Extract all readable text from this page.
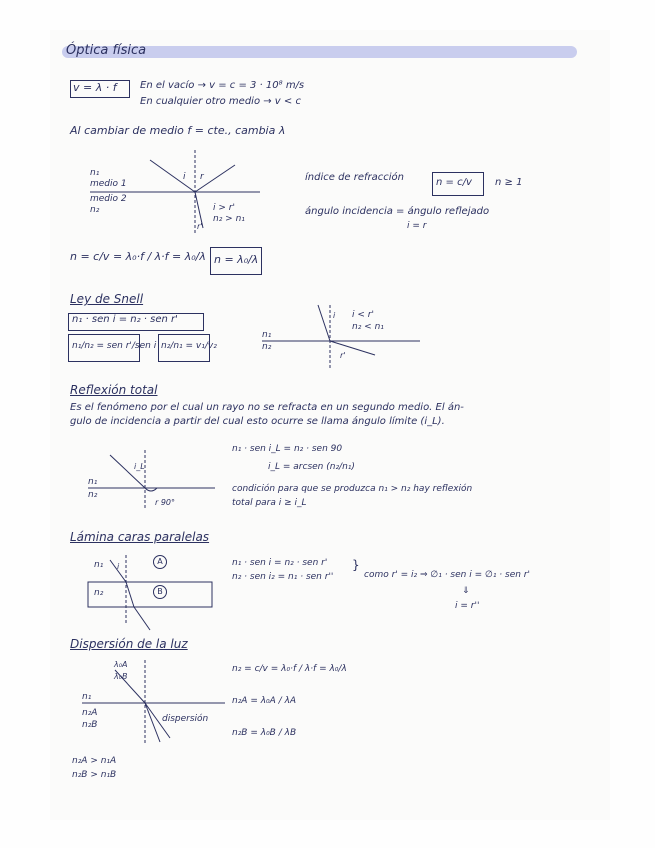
Óptica física
v = λ · f En el vacío → v = c = 3 · 10⁸ m/s
En cualquier otro medio → v < c
Al cambiar de medio f = cte., cambia λ
n₁
medio 1
medio 2
n₂
i r
r'
i > r'
n₂ > n₁
índice de refracción	n = c/v n ≥ 1
ángulo incidencia = ángulo reflejado
i = r
n = c/v = λ₀·f / λ·f = λ₀/λ n = λ₀/λ
Ley de Snell
n₁ · sen i = n₂ · sen r'
n₁/n₂ = sen r'/sen i n₂/n₁ = v₁/v₂
i < r'
n₂ < n₁
n₁
n₂
i
r'
Reflexión total
Es el fenómeno por el cual un rayo no se refracta en un segundo medio. El án-
gulo de incidencia a partir del cual esto ocurre se llama ángulo límite (i_L).
n₁ · sen i_L = n₂ · sen 90
i_L = arcsen (n₂/n₁)
condición para que se produzca n₁ > n₂ hay reflexión
total para i ≥ i_L
i_L
r 90°
n₁
n₂
Lámina caras paralelas
n₁ · sen i = n₂ · sen r'
n₂ · sen i₂ = n₁ · sen r''
}
como r' = i₂ ⇒ ∅₁ · sen i = ∅₁ · sen r'
⇓
i = r''
n₁
n₂
i
A
B
Dispersión de la luz
n₂ = c/v = λ₀·f / λ·f = λ₀/λ
n₂A = λ₀A / λA
n₂B = λ₀B / λB
dispersión
λ₀A
λ₀B
n₁
n₂A
n₂B
n₂A > n₁A
n₂B > n₁B
